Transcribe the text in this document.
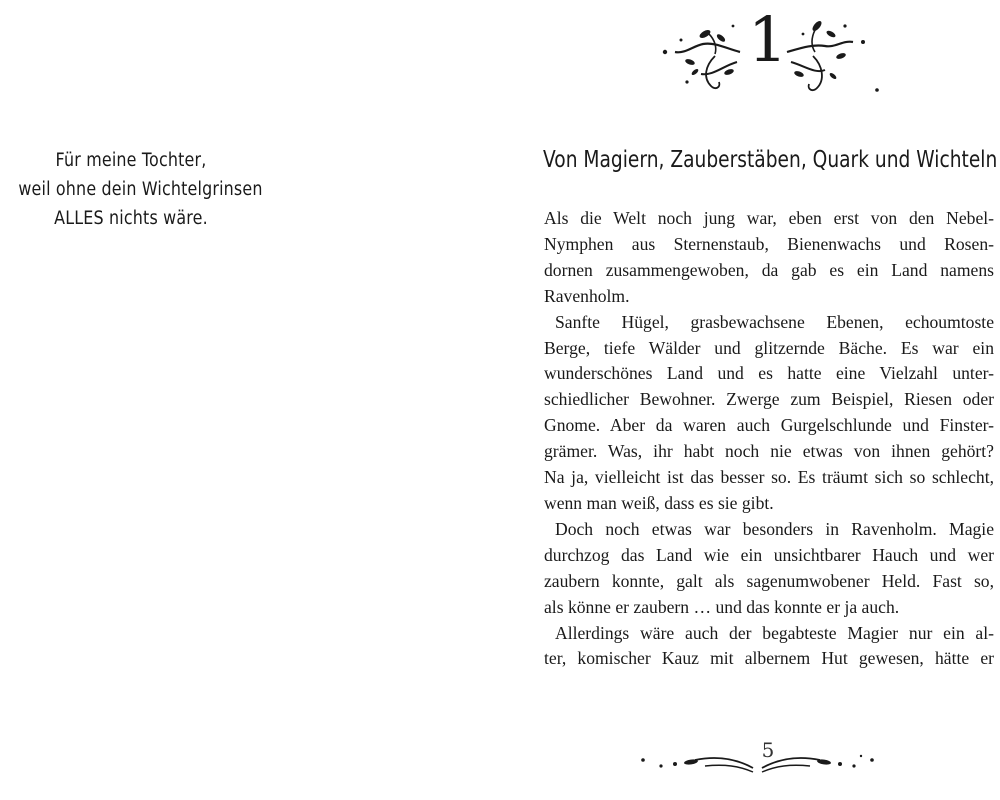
Für meine Tochter,
weil ohne dein Wichtelgrinsen
ALLES nichts wäre.
1
Von Magiern, Zauberstäben, Quark und Wichteln
Als die Welt noch jung war, eben erst von den Nebel-
Nymphen aus Sternenstaub, Bienenwachs und Rosen-
dornen zusammengewoben, da gab es ein Land namens
Ravenholm.
Sanfte Hügel, grasbewachsene Ebenen, echoumtoste
Berge, tiefe Wälder und glitzernde Bäche. Es war ein
wunderschönes Land und es hatte eine Vielzahl unter-
schiedlicher Bewohner. Zwerge zum Beispiel, Riesen oder
Gnome. Aber da waren auch Gurgelschlunde und Finster-
grämer. Was, ihr habt noch nie etwas von ihnen gehört?
Na ja, vielleicht ist das besser so. Es träumt sich so schlecht,
wenn man weiß, dass es sie gibt.
Doch noch etwas war besonders in Ravenholm. Magie
durchzog das Land wie ein unsichtbarer Hauch und wer
zaubern konnte, galt als sagenumwobener Held. Fast so,
als könne er zaubern … und das konnte er ja auch.
Allerdings wäre auch der begabteste Magier nur ein al-
ter, komischer Kauz mit albernem Hut gewesen, hätte er
5
